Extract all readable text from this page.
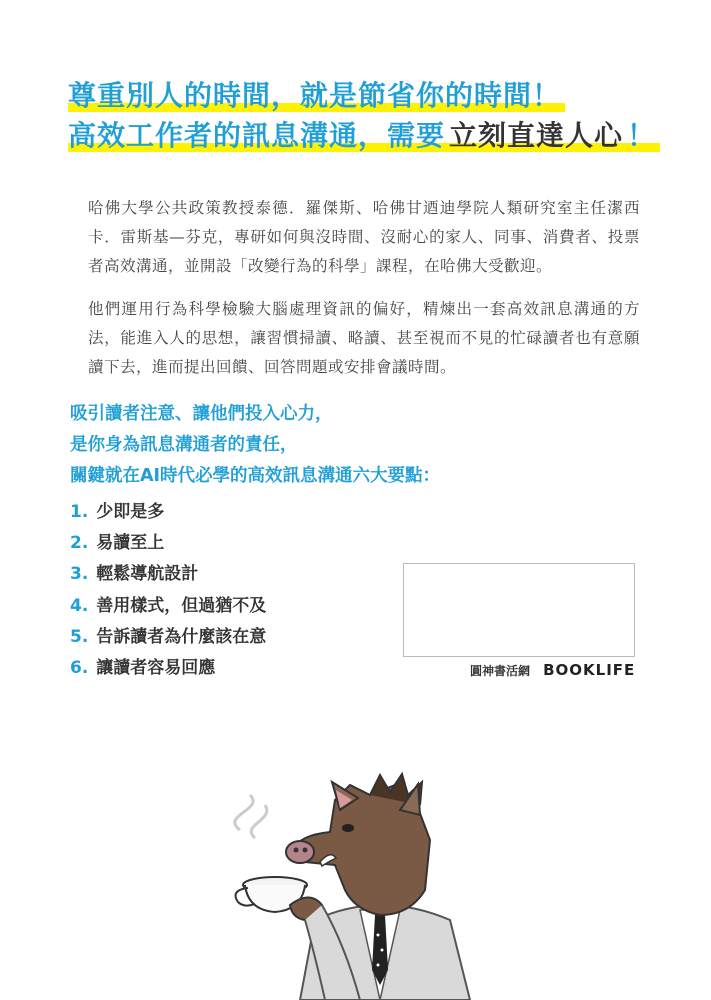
尊重別人的時間，就是節省你的時間！
高效工作者的訊息溝通，需要 立刻直達人心 ！

哈佛大學公共政策教授泰德．羅傑斯、哈佛甘迺迪學院人類研究室主任潔西卡．雷斯基—芬克，專研如何與沒時間、沒耐心的家人、同事、消費者、投票者高效溝通，並開設「改變行為的科學」課程，在哈佛大受歡迎。

他們運用行為科學檢驗大腦處理資訊的偏好，精煉出一套高效訊息溝通的方法，能進入人的思想，讓習慣掃讀、略讀、甚至視而不見的忙碌讀者也有意願讀下去，進而提出回饋、回答問題或安排會議時間。

吸引讀者注意、讓他們投入心力，
是你身為訊息溝通者的責任，
關鍵就在AI時代必學的高效訊息溝通六大要點：
1. 少即是多
2. 易讀至上
3. 輕鬆導航設計
4. 善用樣式，但過猶不及
5. 告訴讀者為什麼該在意
6. 讓讀者容易回應	圓神書活網 BOOKLIFE
